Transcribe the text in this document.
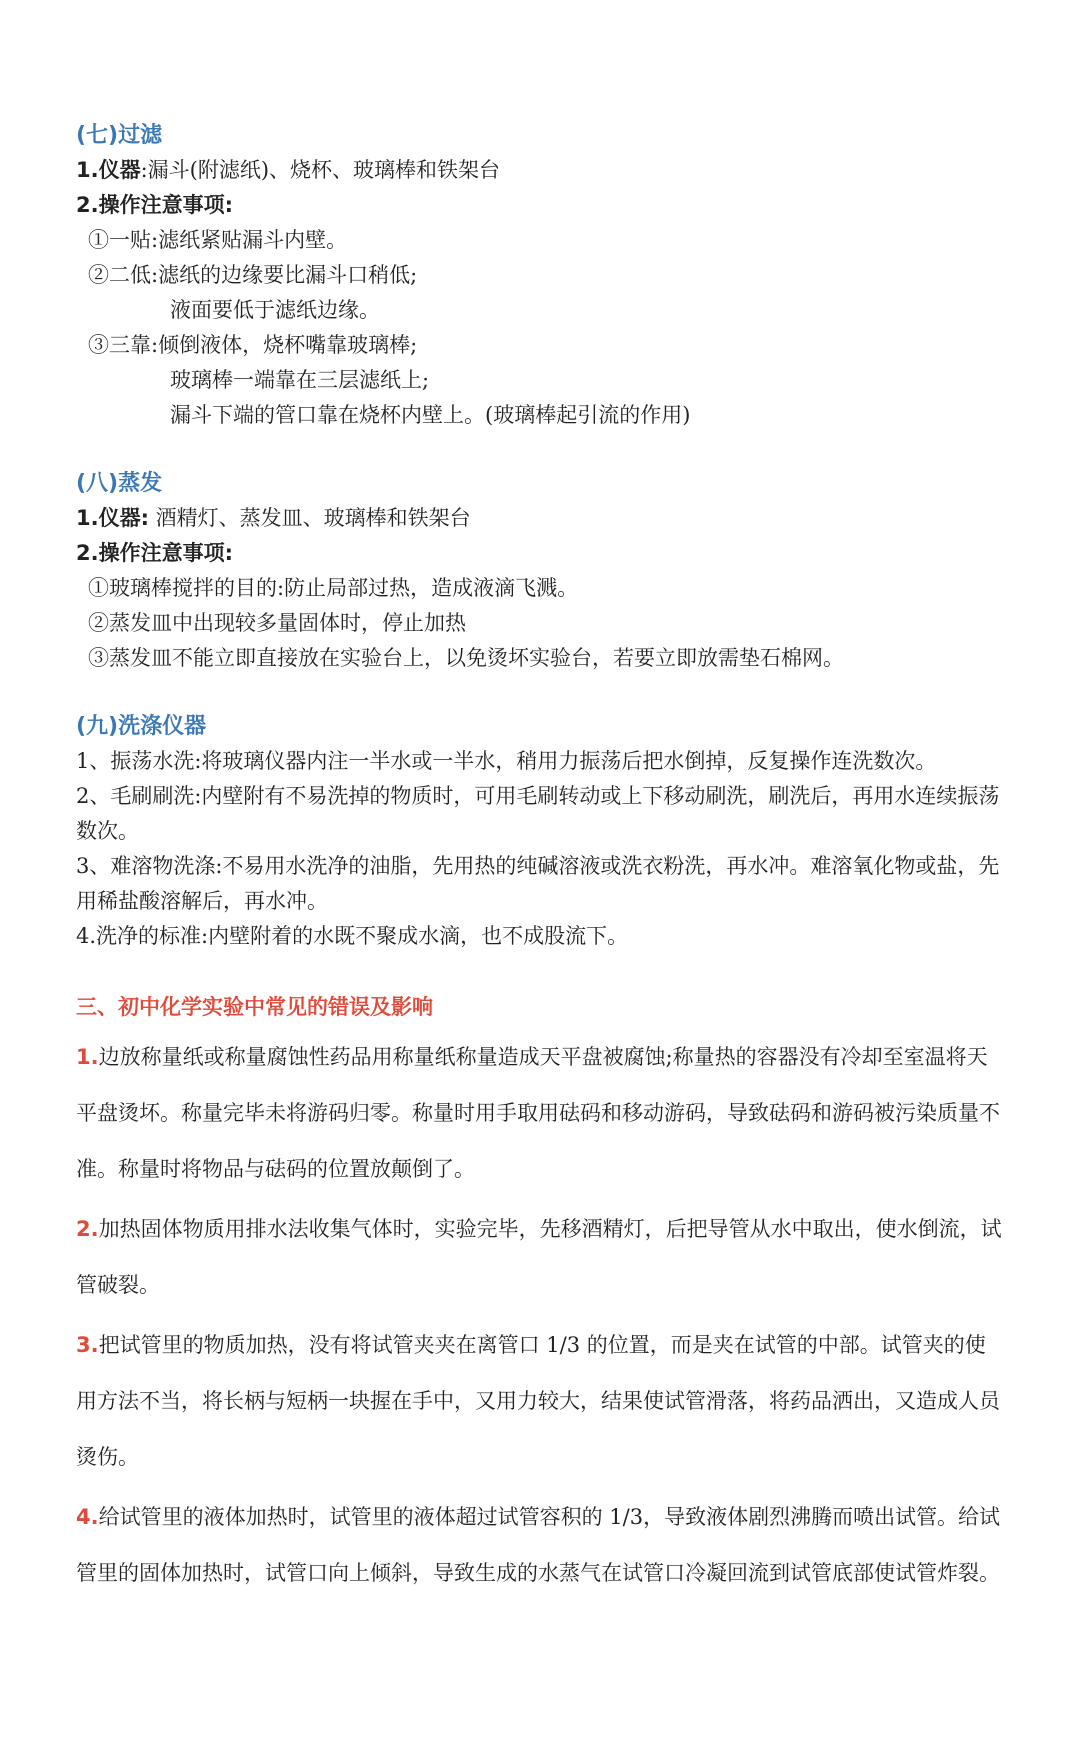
(七)过滤
1.仪器:漏斗(附滤纸)、烧杯、玻璃棒和铁架台
2.操作注意事项:
①一贴:滤纸紧贴漏斗内壁。
②二低:滤纸的边缘要比漏斗口稍低;
液面要低于滤纸边缘。
③三靠:倾倒液体，烧杯嘴靠玻璃棒;
玻璃棒一端靠在三层滤纸上;
漏斗下端的管口靠在烧杯内壁上。(玻璃棒起引流的作用)
(八)蒸发
1.仪器: 酒精灯、蒸发皿、玻璃棒和铁架台
2.操作注意事项:
①玻璃棒搅拌的目的:防止局部过热，造成液滴飞溅。
②蒸发皿中出现较多量固体时，停止加热
③蒸发皿不能立即直接放在实验台上，以免烫坏实验台，若要立即放需垫石棉网。
(九)洗涤仪器
1、振荡水洗:将玻璃仪器内注一半水或一半水，稍用力振荡后把水倒掉，反复操作连洗数次。
2、毛刷刷洗:内壁附有不易洗掉的物质时，可用毛刷转动或上下移动刷洗，刷洗后，再用水连续振荡数次。
3、难溶物洗涤:不易用水洗净的油脂，先用热的纯碱溶液或洗衣粉洗，再水冲。难溶氧化物或盐，先用稀盐酸溶解后，再水冲。
4.洗净的标准:内壁附着的水既不聚成水滴，也不成股流下。
三、初中化学实验中常见的错误及影响
1.边放称量纸或称量腐蚀性药品用称量纸称量造成天平盘被腐蚀;称量热的容器没有冷却至室温将天平盘烫坏。称量完毕未将游码归零。称量时用手取用砝码和移动游码，导致砝码和游码被污染质量不准。称量时将物品与砝码的位置放颠倒了。
2.加热固体物质用排水法收集气体时，实验完毕，先移酒精灯，后把导管从水中取出，使水倒流，试管破裂。
3.把试管里的物质加热，没有将试管夹夹在离管口 1/3 的位置，而是夹在试管的中部。试管夹的使用方法不当，将长柄与短柄一块握在手中，又用力较大，结果使试管滑落，将药品洒出，又造成人员烫伤。
4.给试管里的液体加热时，试管里的液体超过试管容积的 1/3，导致液体剧烈沸腾而喷出试管。给试管里的固体加热时，试管口向上倾斜，导致生成的水蒸气在试管口冷凝回流到试管底部使试管炸裂。
